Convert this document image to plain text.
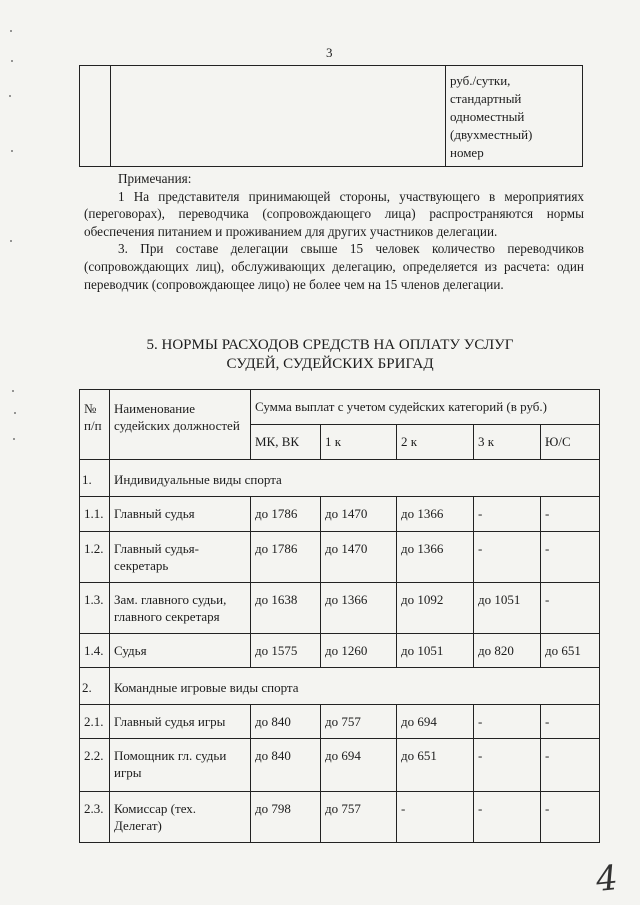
3

руб./сутки,
стандартный
одноместный
(двухместный)
номер

Примечания:

1 На представителя принимающей стороны, участвующего в мероприятиях (переговорах), переводчика (сопровождающего лица) распространяются нормы обеспечения питанием и проживанием для других участников делегации.

3. При составе делегации свыше 15 человек количество переводчиков (сопровождающих лиц), обслуживающих делегацию, определяется из расчета: один переводчик (сопровождающее лицо) не более чем на 15 членов делегации.

5. НОРМЫ РАСХОДОВ СРЕДСТВ НА ОПЛАТУ УСЛУГ
СУДЕЙ, СУДЕЙСКИХ БРИГАД
№ п/п	Наименование судейских должностей	Сумма выплат с учетом судейских категорий (в руб.)				
		МК, ВК	1 к	2 к	3 к	Ю/С
1.	Индивидуальные виды спорта					
1.1.	Главный судья	до 1786	до 1470	до 1366	-	-
1.2.	Главный судья-секретарь	до 1786	до 1470	до 1366	-	-
1.3.	Зам. главного судьи, главного секретаря	до 1638	до 1366	до 1092	до 1051	-
1.4.	Судья	до 1575	до 1260	до 1051	до 820	до 651
2.	Командные игровые виды спорта					
2.1.	Главный судья игры	до 840	до 757	до 694	-	-
2.2.	Помощник гл. судьи игры	до 840	до 694	до 651	-	-
2.3.	Комиссар (тех. Делегат)	до 798	до 757	-	-	-
4
